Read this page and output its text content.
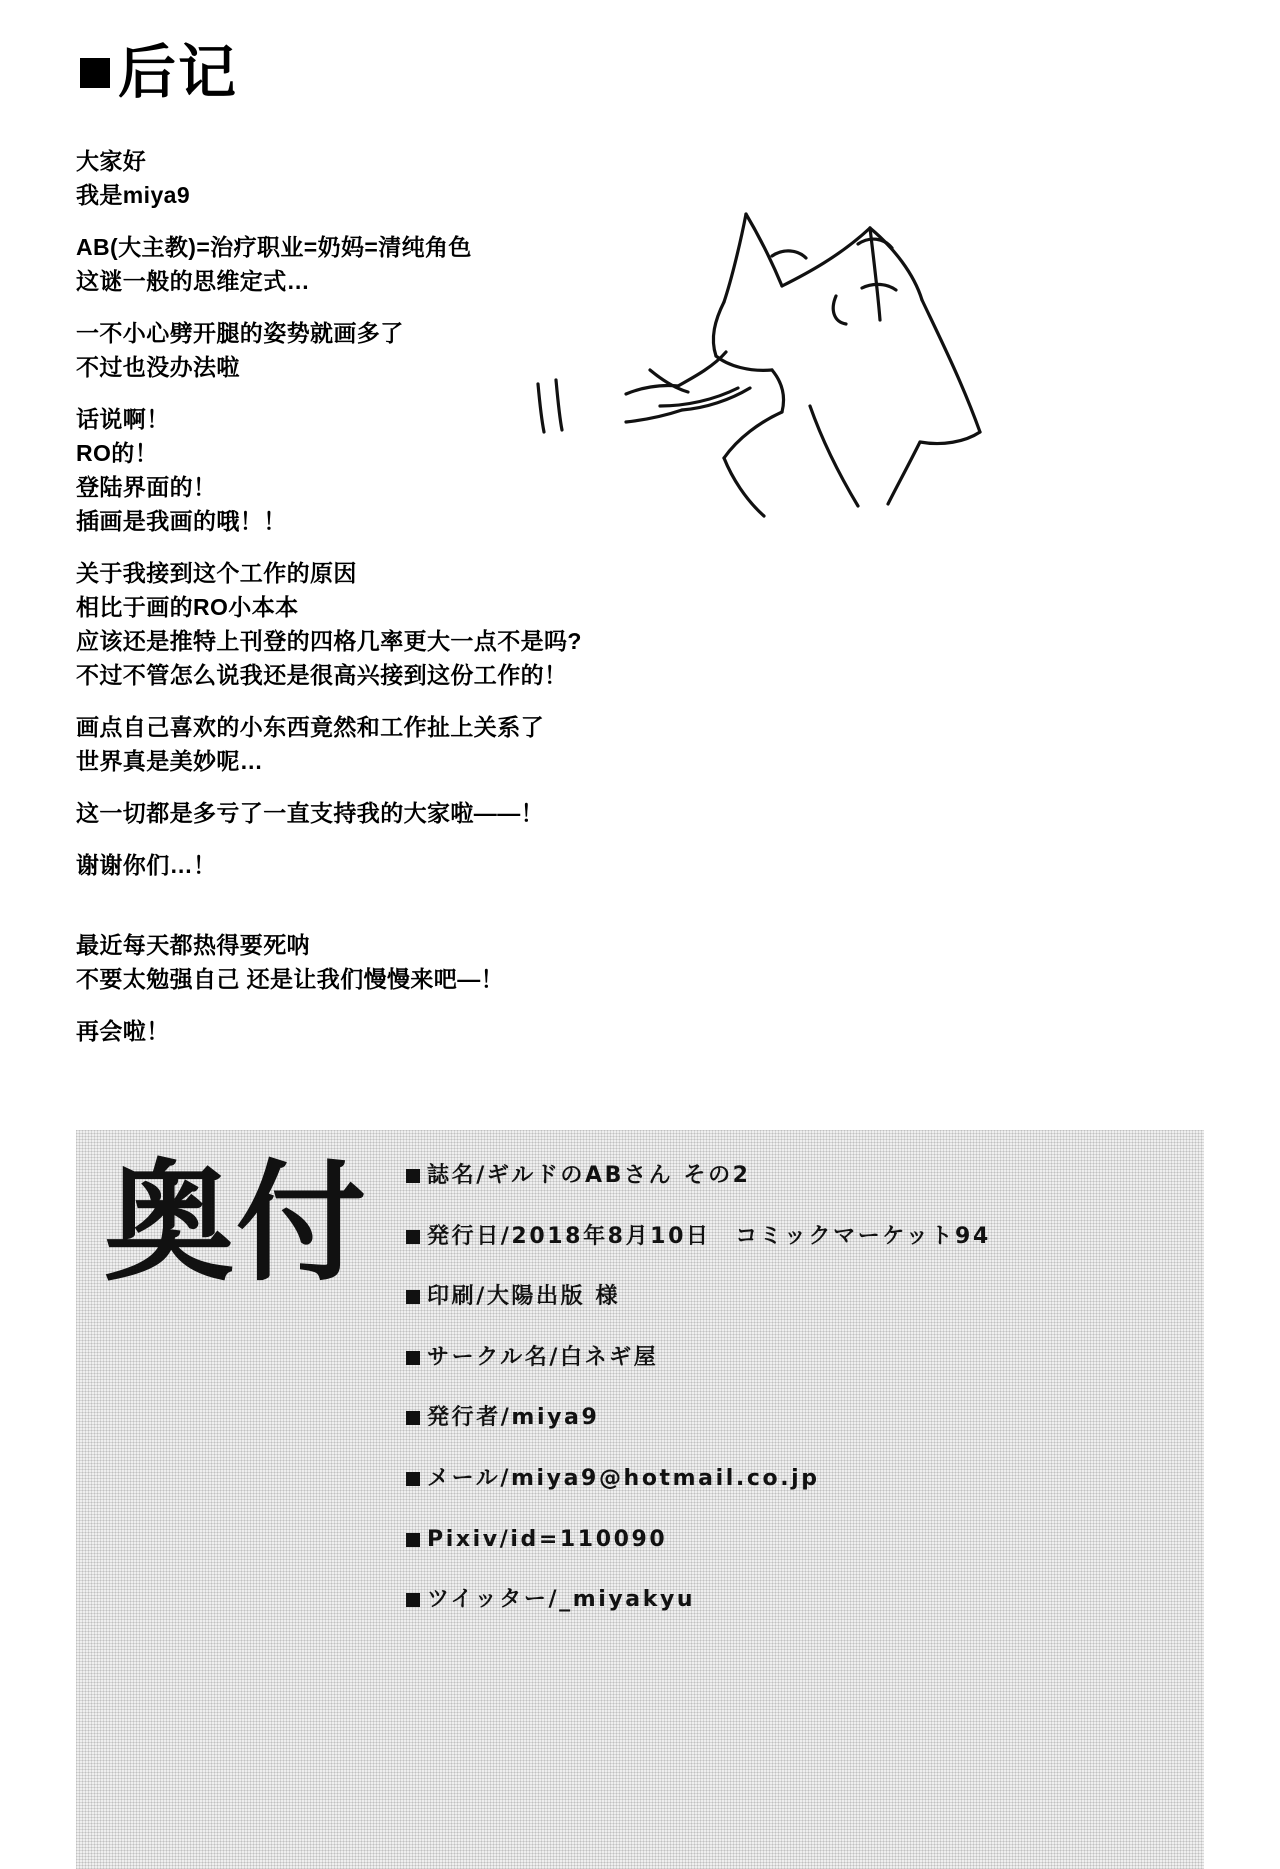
后记

大家好
我是miya9

AB(大主教)=治疗职业=奶妈=清纯角色
这谜一般的思维定式…

一不小心劈开腿的姿势就画多了
不过也没办法啦

话说啊！
RO的！
登陆界面的！
插画是我画的哦！！

关于我接到这个工作的原因
相比于画的RO小本本
应该还是推特上刊登的四格几率更大一点不是吗?
不过不管怎么说我还是很高兴接到这份工作的！

画点自己喜欢的小东西竟然和工作扯上关系了
世界真是美妙呢…

这一切都是多亏了一直支持我的大家啦——！

谢谢你们…！

最近每天都热得要死呐
不要太勉强自己 还是让我们慢慢来吧—！

再会啦！

奥付	誌名/ギルドのABさん その2
発行日/2018年8月10日　コミックマーケット94
印刷/大陽出版 様
サークル名/白ネギ屋
発行者/miya9
メール/miya9@hotmail.co.jp
Pixiv/id=110090
ツイッター/_miyakyu
